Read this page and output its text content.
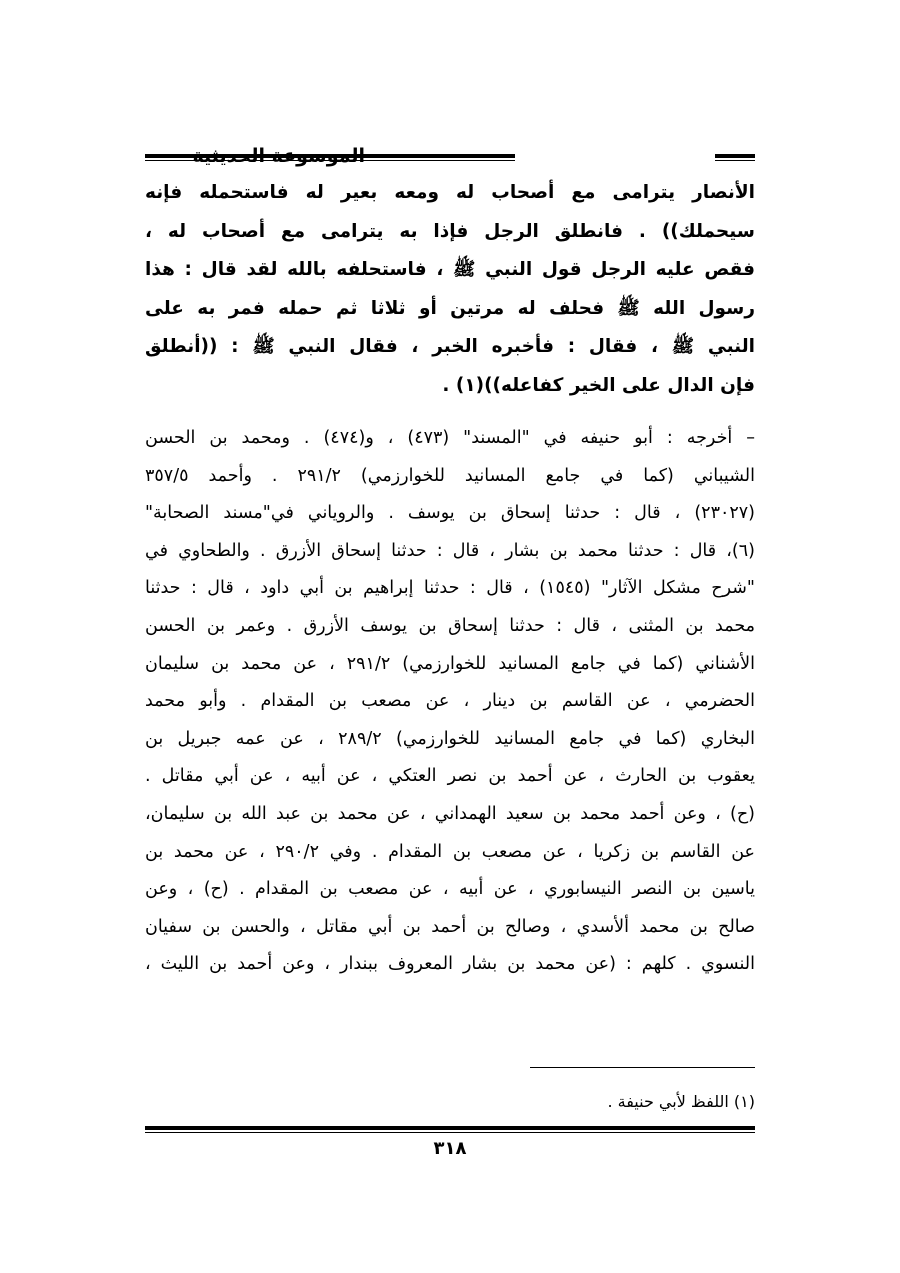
الأنصار يترامى مع أصحاب له ومعه بعير له فاستحمله فإنه
سيحملك)) . فانطلق الرجل فإذا به يترامى مع أصحاب له ،
فقص عليه الرجل قول النبي ﷺ ، فاستحلفه بالله لقد قال : هذا
رسول الله ﷺ فحلف له مرتين أو ثلاثا ثم حمله فمر به على
النبي ﷺ ، فقال : فأخبره الخبر ، فقال النبي ﷺ : ((أنطلق
فإن الدال على الخير كفاعله))(١) .
– أخرجه : أبو حنيفه في "المسند" (٤٧٣) ، و(٤٧٤) . ومحمد بن الحسن
الشيباني (كما في جامع المسانيد للخوارزمي) ٢٩١/٢ . وأحمد ٣٥٧/٥
(٢٣٠٢٧) ، قال : حدثنا إسحاق بن يوسف . والروياني في"مسند الصحابة"
(٦)، قال : حدثنا محمد بن بشار ، قال : حدثنا إسحاق الأزرق . والطحاوي في
"شرح مشكل الآثار" (١٥٤٥) ، قال : حدثنا إبراهيم بن أبي داود ، قال : حدثنا
محمد بن المثنى ، قال : حدثنا إسحاق بن يوسف الأزرق . وعمر بن الحسن
الأشناني (كما في جامع المسانيد للخوارزمي) ٢٩١/٢ ، عن محمد بن سليمان
الحضرمي ، عن القاسم بن دينار ، عن مصعب بن المقدام . وأبو محمد
البخاري (كما في جامع المسانيد للخوارزمي) ٢٨٩/٢ ، عن عمه جبريل بن
يعقوب بن الحارث ، عن أحمد بن نصر العتكي ، عن أبيه ، عن أبي مقاتل .
(ح) ، وعن أحمد محمد بن سعيد الهمداني ، عن محمد بن عبد الله بن سليمان،
عن القاسم بن زكريا ، عن مصعب بن المقدام . وفي ٢٩٠/٢ ، عن محمد بن
ياسين بن النصر النيسابوري ، عن أبيه ، عن مصعب بن المقدام . (ح) ، وعن
صالح بن محمد ألأسدي ، وصالح بن أحمد بن أبي مقاتل ، والحسن بن سفيان
النسوي . كلهم : (عن محمد بن بشار المعروف ببندار ، وعن أحمد بن الليث ،
(١) اللفظ لأبي حنيفة .
٣١٨
